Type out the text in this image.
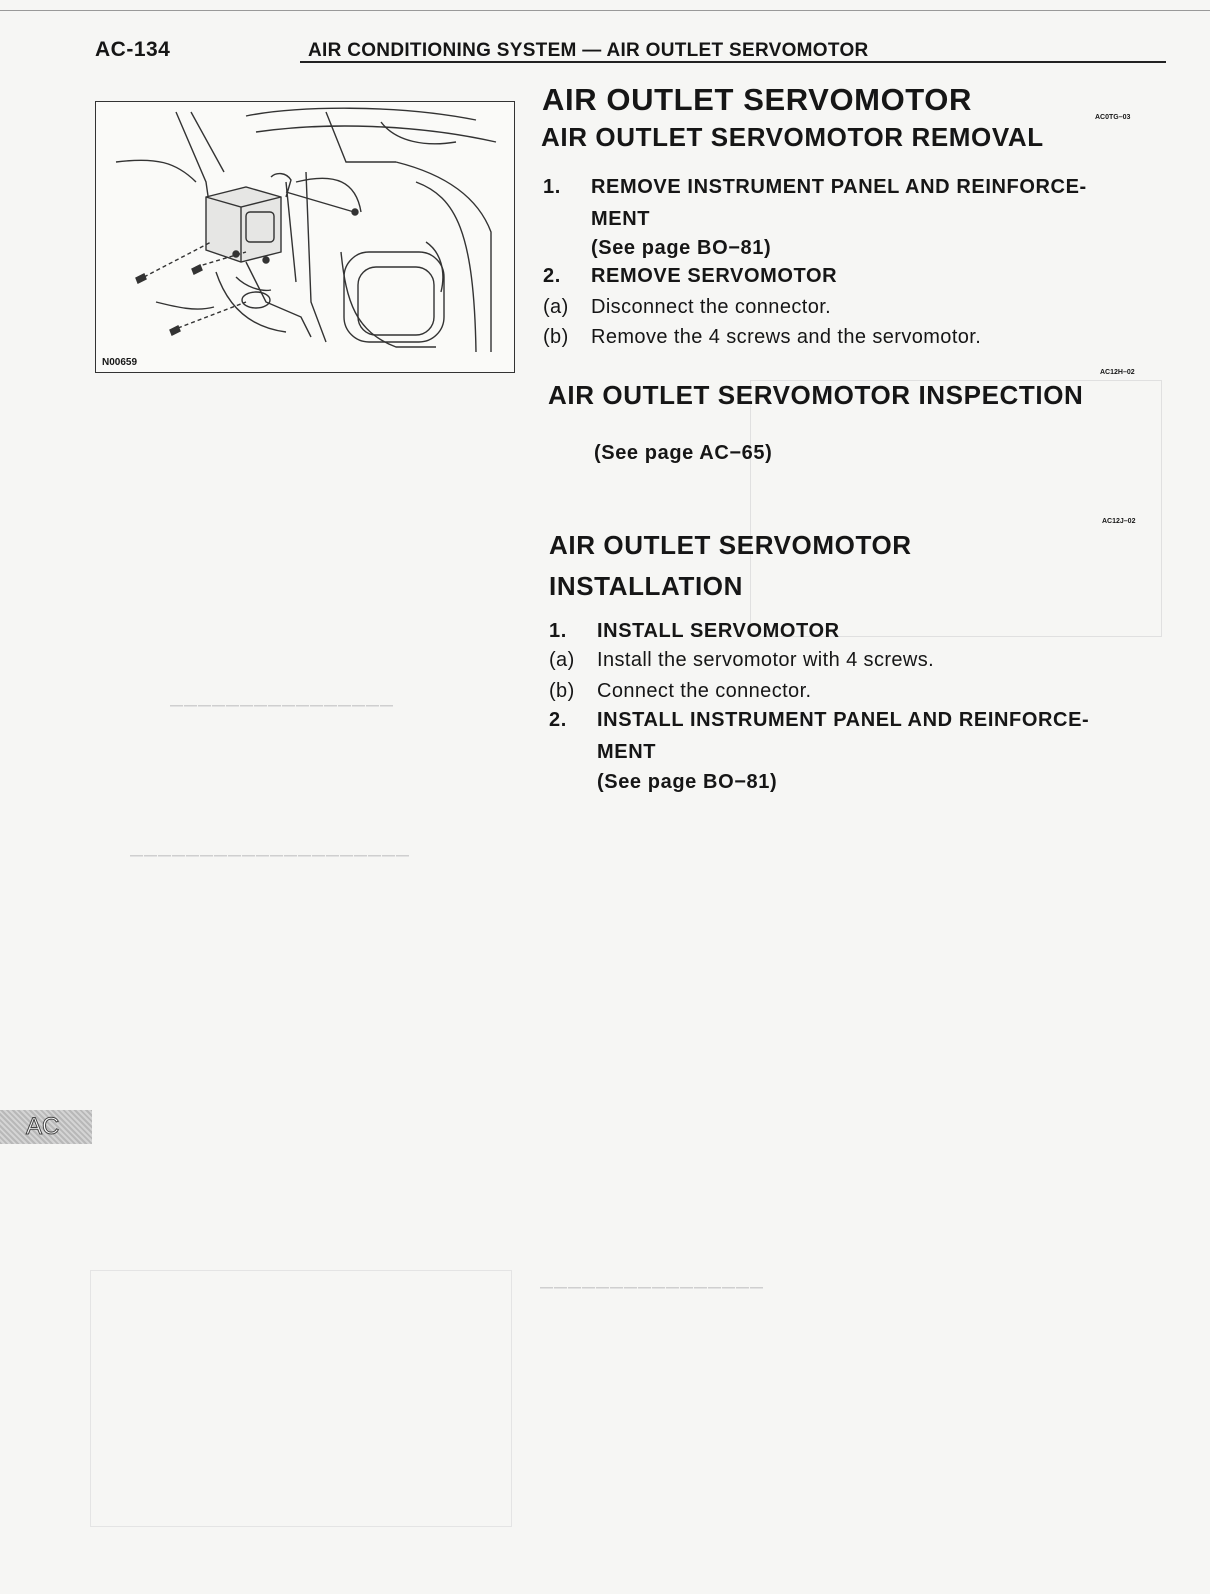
⎯⎯⎯⎯⎯⎯⎯⎯⎯⎯⎯⎯⎯⎯⎯⎯
⎯⎯⎯⎯⎯⎯⎯⎯⎯⎯⎯⎯⎯⎯⎯⎯⎯⎯⎯⎯
⎯⎯⎯⎯⎯⎯⎯⎯⎯⎯⎯⎯⎯⎯⎯⎯
AC-134	AIR CONDITIONING SYSTEM — AIR OUTLET SERVOMOTOR
N00659
AIR OUTLET SERVOMOTOR
AIR OUTLET SERVOMOTOR REMOVAL
AC0TG–03
1. REMOVE INSTRUMENT PANEL AND REINFORCE-
MENT
(See page BO−81)
2. REMOVE SERVOMOTOR
(a) Disconnect the connector.
(b) Remove the 4 screws and the servomotor.
AIR OUTLET SERVOMOTOR INSPECTION
AC12H–02
(See page AC−65)
AC12J–02
AIR OUTLET SERVOMOTOR
INSTALLATION
1. INSTALL SERVOMOTOR
(a) Install the servomotor with 4 screws.
(b) Connect the connector.
2. INSTALL INSTRUMENT PANEL AND REINFORCE-
MENT
(See page BO−81)
AC
